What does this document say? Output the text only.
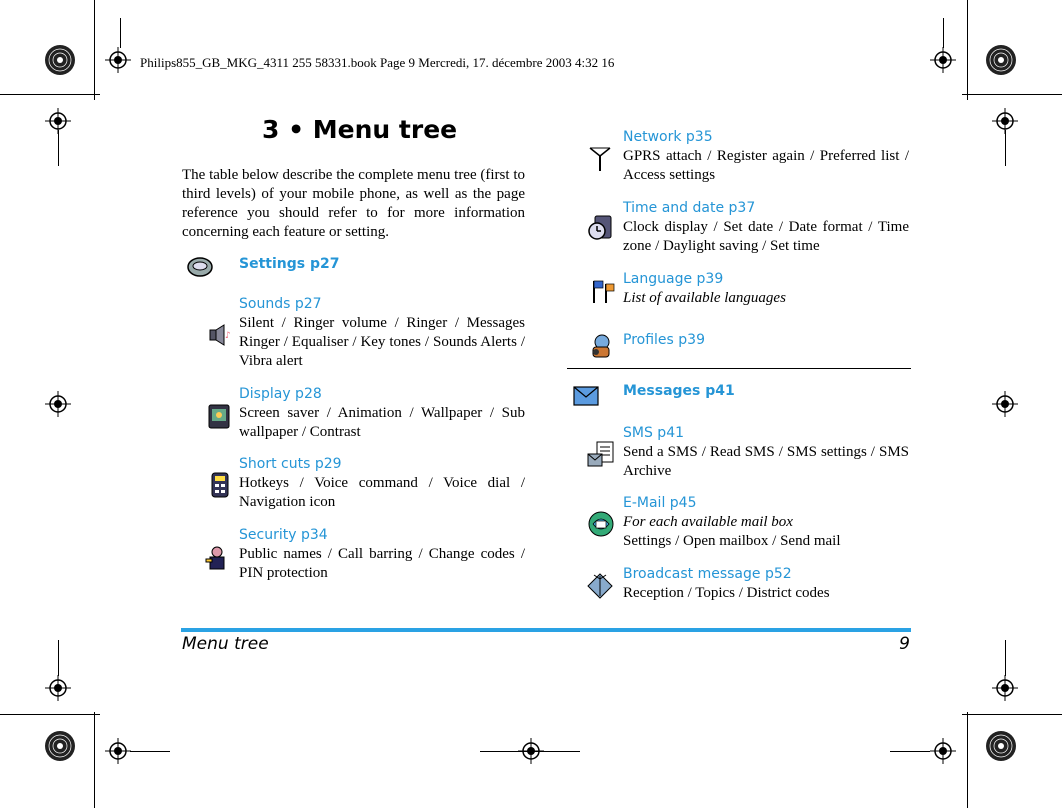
Philips855_GB_MKG_4311 255 58331.book Page 9 Mercredi, 17. décembre 2003 4:32 16
3 • Menu tree
The table below describe the complete menu tree (first to third levels) of your mobile phone, as well as the page reference you should refer to for more information concerning each feature or setting.
Settings p27
♪
Sounds p27
Silent / Ringer volume / Ringer / Messages Ringer / Equaliser / Key tones / Sounds Alerts / Vibra alert
Display p28
Screen saver / Animation / Wallpaper / Sub wallpaper / Contrast
Short cuts p29
Hotkeys / Voice command / Voice dial / Navigation icon
Security p34
Public names / Call barring / Change codes / PIN protection
Network p35
GPRS attach / Register again / Preferred list / Access settings
Time and date p37
Clock display / Set date / Date format / Time zone / Daylight saving / Set time
Language p39
List of available languages
Profiles p39
Messages p41
SMS p41
Send a SMS / Read SMS / SMS settings / SMS Archive
E-Mail p45
For each available mail box
Settings / Open mailbox / Send mail
Broadcast message p52
Reception / Topics / District codes
Menu tree	9
